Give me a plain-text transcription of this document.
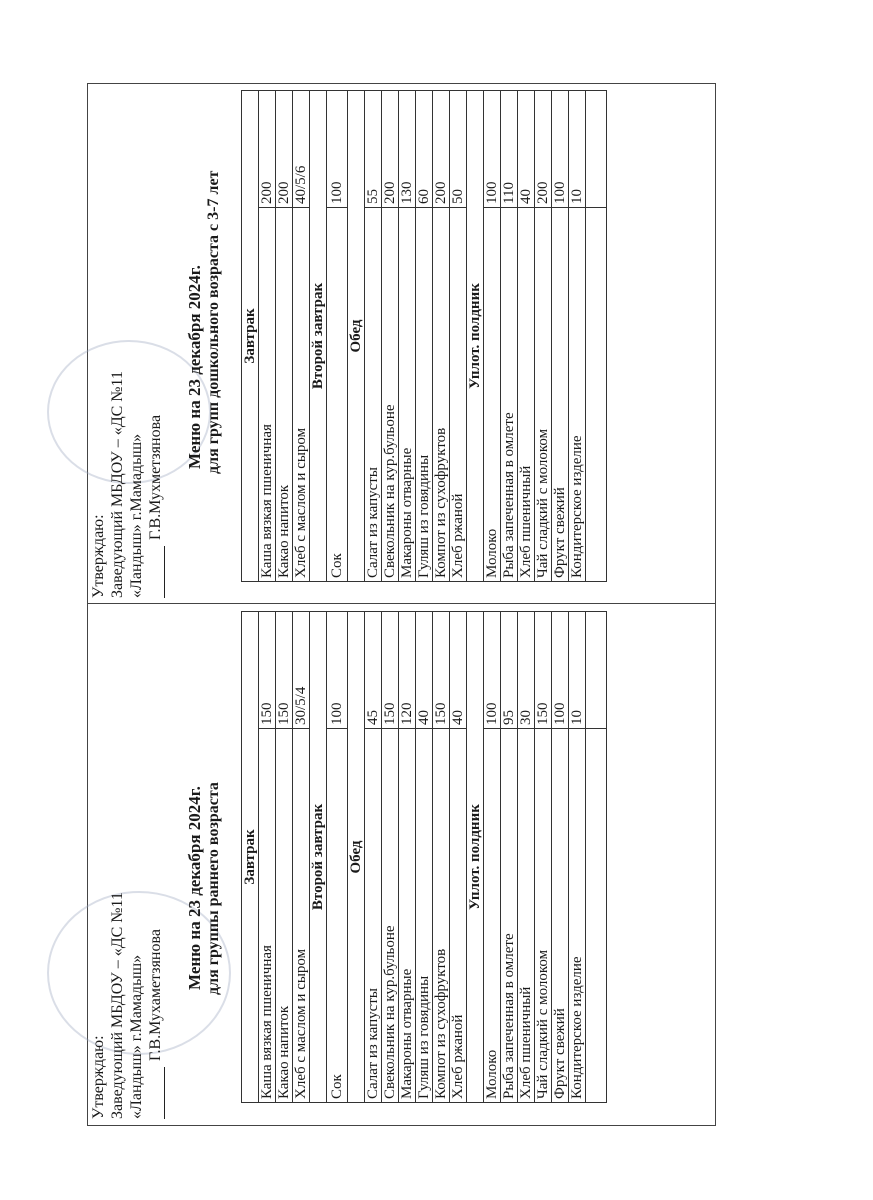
Утверждаю: Заведующий МБДОУ – «ДС №11 «Ландыш» г.Мамадыш» Г.В.Мухаметзянова
Меню на 23 декабря 2024г. для группы раннего возраста Завтрак	
Каша вязкая пшеничная	150
Какао напиток	150
Хлеб с маслом и сыром	30/5/4
Второй завтрак	
Сок	100
Обед	
Салат из капусты	45
Свекольник на кур.бульоне	150
Макароны отварные	120
Гуляш из говядины	40
Компот из сухофруктов	150
Хлеб ржаной	40
Уплот. полдник	
Молоко	100
Рыба запеченная в омлете	95
Хлеб пшеничный	30
Чай сладкий с молоком	150
Фрукт свежий	100
Кондитерское изделие	10

Утверждаю: Заведующий МБДОУ – «ДС №11 «Ландыш» г.Мамадыш» Г.В.Мухметзянова
Меню на 23 декабря 2024г. для групп дошкольного возраста с 3-7 лет Завтрак	
Каша вязкая пшеничная	200
Какао напиток	200
Хлеб с маслом и сыром	40/5/6
Второй завтрак	
Сок	100
Обед	
Салат из капусты	55
Свекольник на кур.бульоне	200
Макароны отварные	130
Гуляш из говядины	60
Компот из сухофруктов	200
Хлеб ржаной	50
Уплот. полдник	
Молоко	100
Рыба запеченная в омлете	110
Хлеб пшеничный	40
Чай сладкий с молоком	200
Фрукт свежий	100
Кондитерское изделие	10
